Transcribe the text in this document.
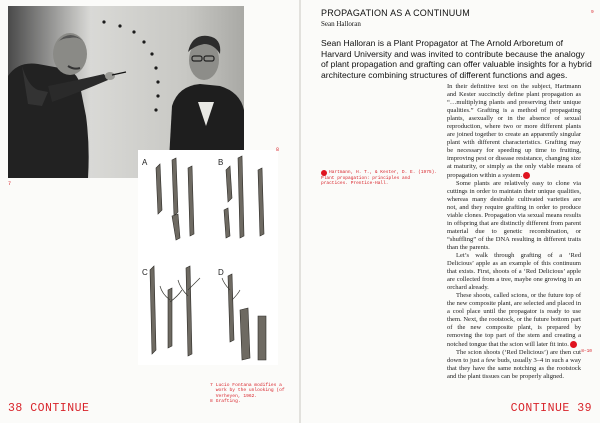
7
A	B
C	D
8
7 Lucio Fontana modifies a work by the unlooking (of Verheyen, 1962.
8 Grafting.
38 CONTINUE
9
PROPAGATION AS A CONTINUUM
Sean Halloran
Sean Halloran is a Plant Propagator at The Arnold Arboretum of Harvard University and was invited to contribute because the analogy of plant propagation and grafting can offer valuable insights for a hybrid architecture combining structures of different functions and ages.
Hartmann, H. T., & Kester, D. E. (1975). Plant propagation: principles and practices. Prentice-Hall.

In their definitive text on the subject, Hartmann and Kester succinctly define plant propagation as “…multiplying plants and preserving their unique qualities.” Grafting is a method of propagating plants, asexually or in the absence of sexual reproduction, where two or more different plants are joined together to create an apparently singular plant with different characteristics. Grafting may be necessary for speeding up time to fruiting, improving pest or disease resistance, changing size at maturity, or simply as the only viable means of propagation within a system.

Some plants are relatively easy to clone via cuttings in order to maintain their unique qualities, whereas many desirable cultivated varieties are not, and they require grafting in order to produce viable clones. Propagation via sexual means results in offspring that are distinctly different from parent material due to genetic recombination, or “shuffling” of the DNA resulting in different traits than the parents.

Let’s walk through grafting of a ‘Red Delicious’ apple as an example of this continuum that exists. First, shoots of a ‘Red Delicious’ apple are collected from a tree, maybe one growing in an orchard already.

These shoots, called scions, or the future top of the new composite plant, are selected and placed in a cool place until the propagator is ready to use them. Next, the rootstock, or the future bottom part of the new composite plant, is prepared by removing the top part of the stem and creating a notched tongue that the scion will later fit into.

The scion shoots (‘Red Delicious’) are then cut down to just a few buds, usually 3–4 in such a way that they have the same notching as the rootstock and the plant tissues can be properly aligned.

8–10
CONTINUE 39
